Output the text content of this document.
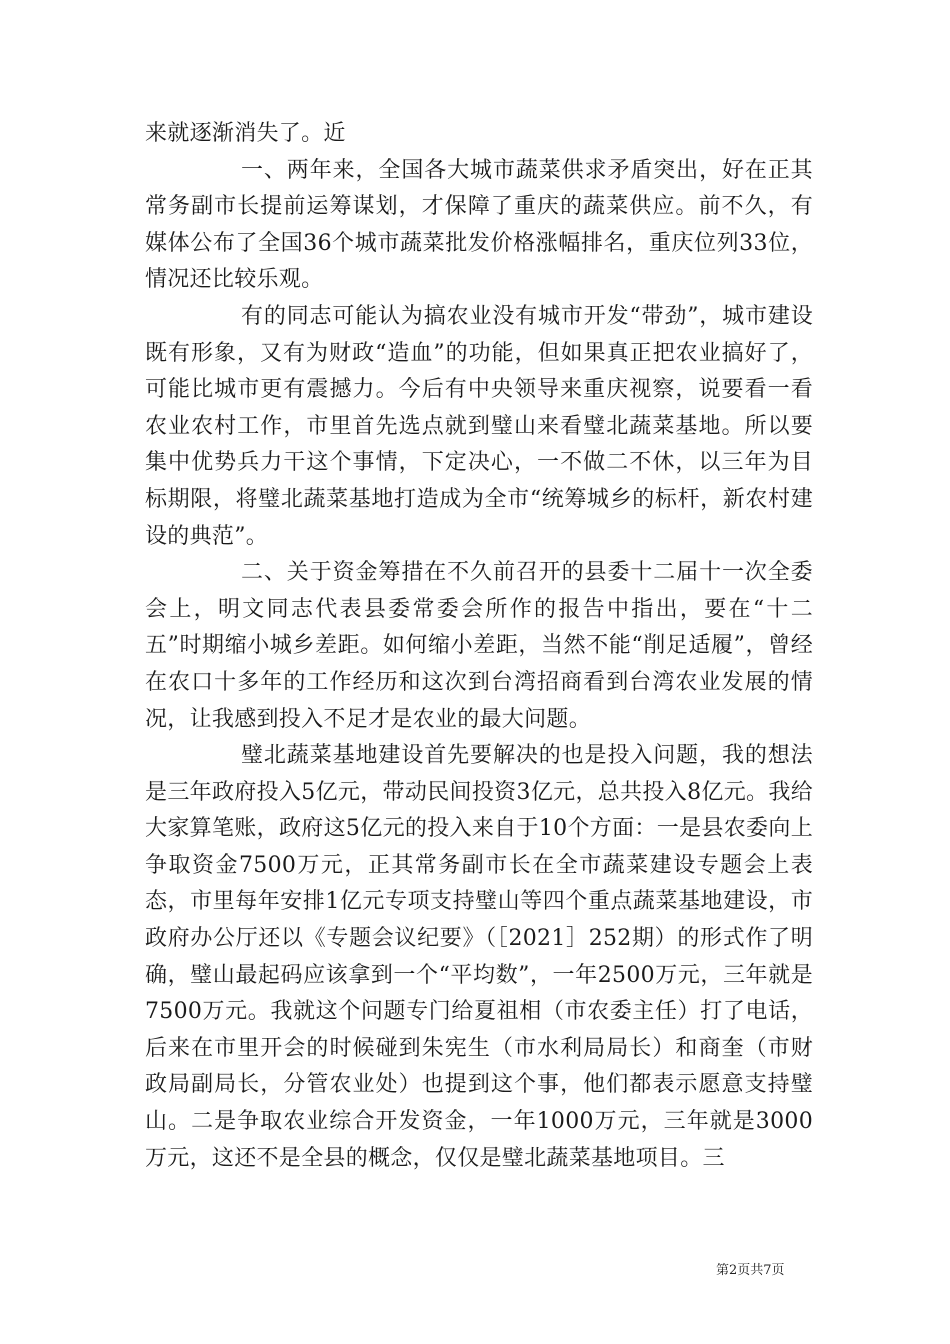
来就逐渐消失了。近

一、两年来，全国各大城市蔬菜供求矛盾突出，好在正其常务副市长提前运筹谋划，才保障了重庆的蔬菜供应。前不久，有媒体公布了全国36个城市蔬菜批发价格涨幅排名，重庆位列33位，情况还比较乐观。

有的同志可能认为搞农业没有城市开发“带劲”，城市建设既有形象，又有为财政“造血”的功能，但如果真正把农业搞好了，可能比城市更有震撼力。今后有中央领导来重庆视察，说要看一看农业农村工作，市里首先选点就到璧山来看璧北蔬菜基地。所以要集中优势兵力干这个事情，下定决心，一不做二不休，以三年为目标期限，将璧北蔬菜基地打造成为全市“统筹城乡的标杆，新农村建设的典范”。

二、关于资金筹措在不久前召开的县委十二届十一次全委会上，明文同志代表县委常委会所作的报告中指出，要在“十二五”时期缩小城乡差距。如何缩小差距，当然不能“削足适履”，曾经在农口十多年的工作经历和这次到台湾招商看到台湾农业发展的情况，让我感到投入不足才是农业的最大问题。

璧北蔬菜基地建设首先要解决的也是投入问题，我的想法是三年政府投入5亿元，带动民间投资3亿元，总共投入8亿元。我给大家算笔账，政府这5亿元的投入来自于10个方面：一是县农委向上争取资金7500万元，正其常务副市长在全市蔬菜建设专题会上表态，市里每年安排1亿元专项支持璧山等四个重点蔬菜基地建设，市政府办公厅还以《专题会议纪要》（［2021］252期）的形式作了明确，璧山最起码应该拿到一个“平均数”，一年2500万元，三年就是7500万元。我就这个问题专门给夏祖相（市农委主任）打了电话，后来在市里开会的时候碰到朱宪生（市水利局局长）和商奎（市财政局副局长，分管农业处）也提到这个事，他们都表示愿意支持璧山。二是争取农业综合开发资金，一年1000万元，三年就是3000万元，这还不是全县的概念，仅仅是璧北蔬菜基地项目。三

第2页共7页
